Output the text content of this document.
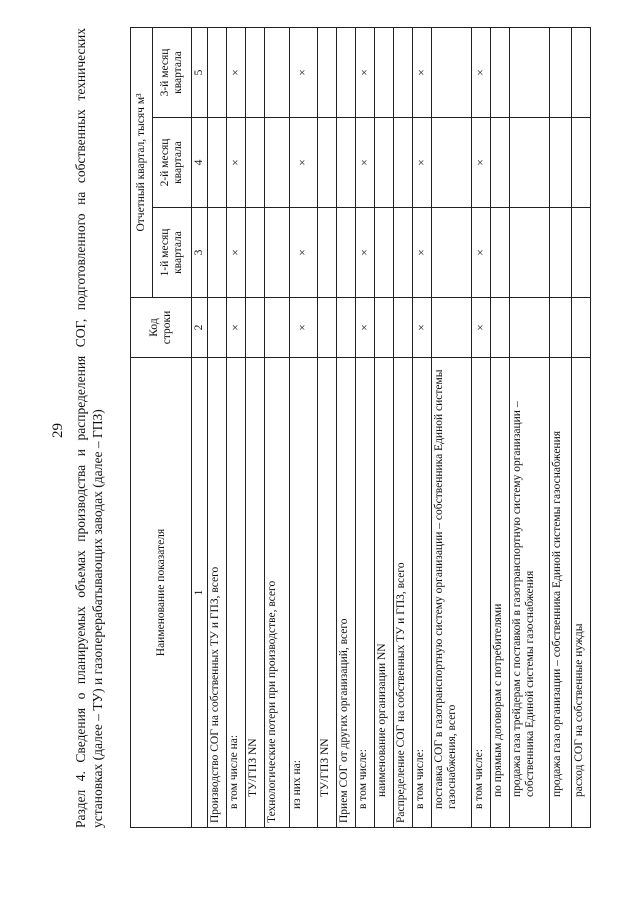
29 Раздел 4. Сведения о планируемых объемах производства и распределения СОГ, подготовленного на собственных технических установках (далее – ТУ) и газоперерабатывающих заводах (далее – ГПЗ)	Наименование показателя	Код строки	Отчетный квартал, тысяч м³		
		1-й месяц квартала	2-й месяц квартала	3-й месяц квартала
1	2	3	4	5
Производство СОГ на собственных ТУ и ГПЗ, всего				
в том числе на:	×	×	×	×
ТУ/ГПЗ NN				
Технологические потери при производстве, всего				
из них на:	×	×	×	×
ТУ/ГПЗ NN				
Прием СОГ от других организаций, всего				
в том числе:	×	×	×	×
наименование организации NN				
Распределение СОГ на собственных ТУ и ГПЗ, всего				
в том числе:	×	×	×	×
поставка СОГ в газотранспортную систему организации – собственника Единой системы газоснабжения, всего				
в том числе:	×	×	×	×
по прямым договорам с потребителями				
продажа газа трейдерам с поставкой в газотранспортную систему организации – собственника Единой системы газоснабжения				
продажа газа организации – собственника Единой системы газоснабжения				
расход СОГ на собственные нужды				
